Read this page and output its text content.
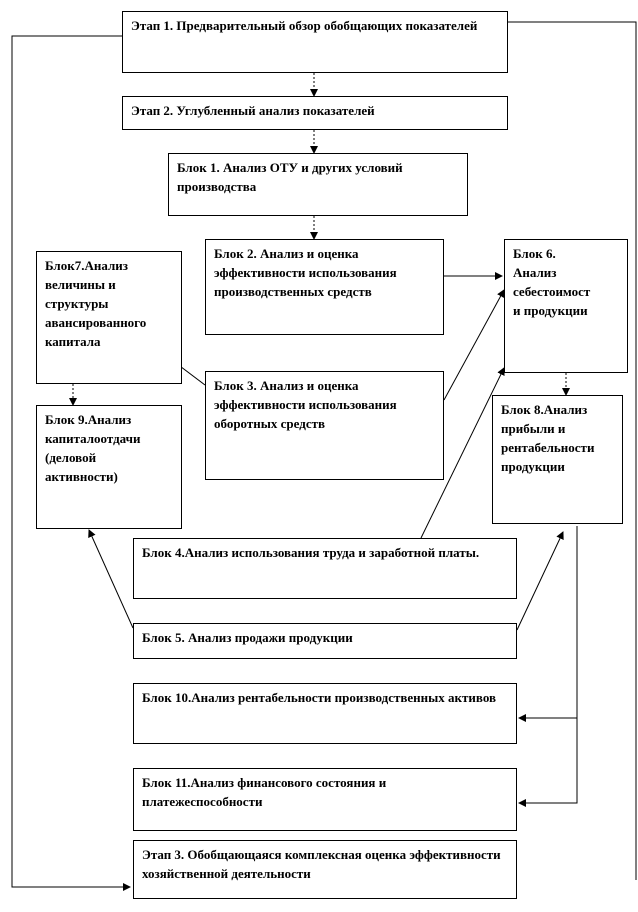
Этап 1. Предварительный обзор обобщающих показателей
Этап 2. Углубленный анализ показателей
Блок 1. Анализ ОТУ и других условий производства
Блок 2. Анализ и оценка эффективности использования производственных средств
Блок 6.
Анализ
себестоимост
и продукции
Блок7.Анализ
величины и
структуры
авансированного
капитала
Блок 3. Анализ и оценка эффективности использования оборотных средств
Блок 9.Анализ
капиталоотдачи
(деловой
активности)
Блок 8.Анализ
прибыли и
рентабельности
продукции
Блок 4.Анализ использования труда и заработной платы.
Блок 5. Анализ продажи продукции
Блок 10.Анализ рентабельности производственных активов
Блок 11.Анализ финансового состояния и платежеспособности
Этап 3. Обобщающаяся комплексная оценка эффективности хозяйственной деятельности
